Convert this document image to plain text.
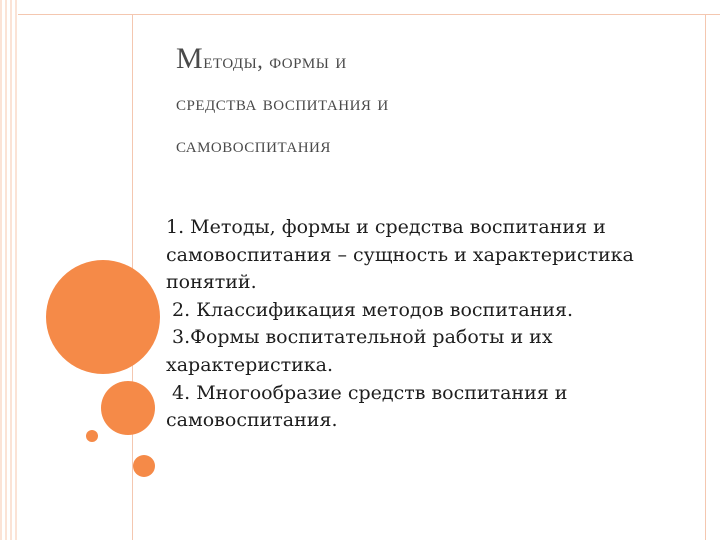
Методы, формы и
средства воспитания и
самовоспитания
1. Методы, формы и средства воспитания и самовоспитания – сущность и характеристика понятий.
2. Классификация методов воспитания.
3.Формы воспитательной работы и их характеристика.
4. Многообразие средств воспитания и самовоспитания.
